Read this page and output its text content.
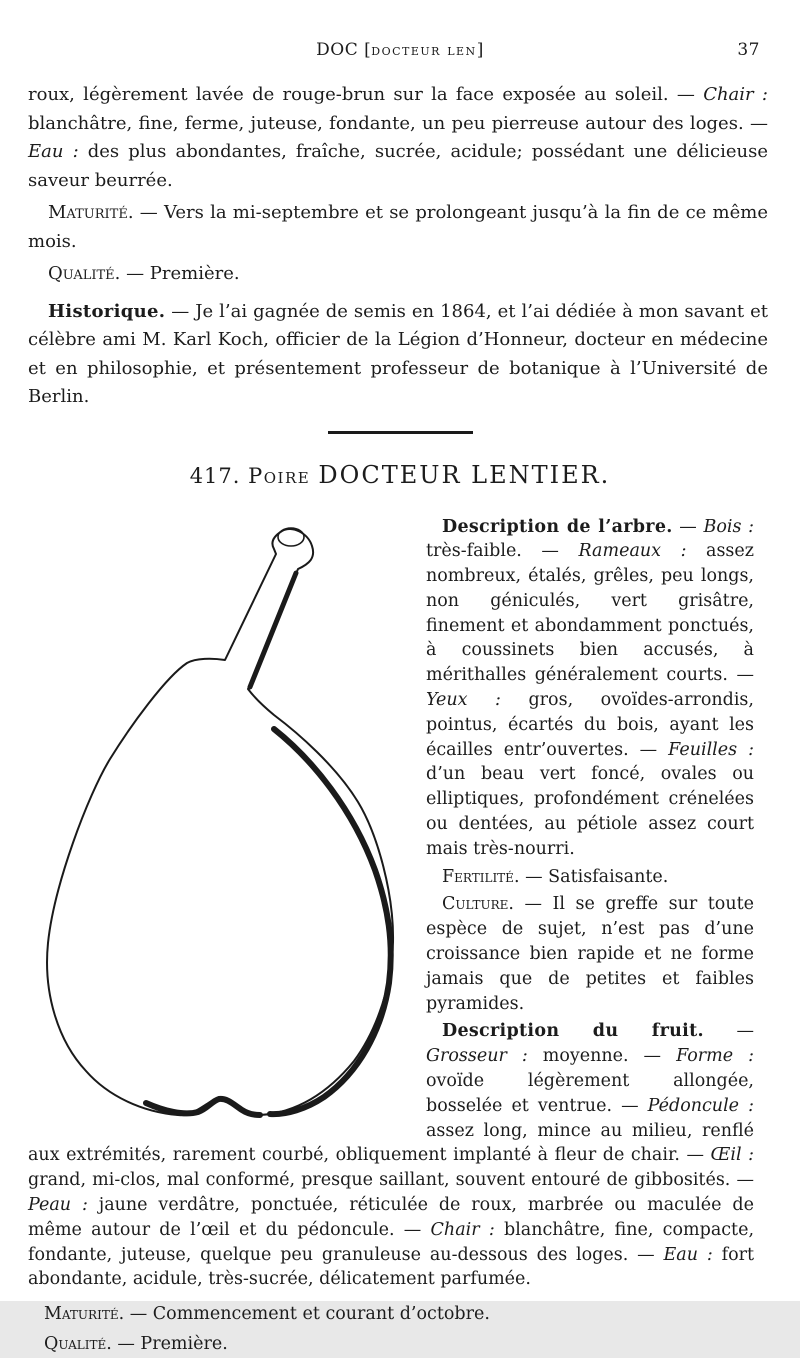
DOC [docteur len]	37

roux, légèrement lavée de rouge-brun sur la face exposée au soleil. — Chair : blanchâtre, fine, ferme, juteuse, fondante, un peu pierreuse autour des loges. — Eau : des plus abondantes, fraîche, sucrée, acidule; possédant une délicieuse saveur beurrée.

Maturité. — Vers la mi-septembre et se prolongeant jusqu’à la fin de ce même mois.

Qualité. — Première.

Historique. — Je l’ai gagnée de semis en 1864, et l’ai dédiée à mon savant et célèbre ami M. Karl Koch, officier de la Légion d’Honneur, docteur en médecine et en philosophie, et présentement professeur de botanique à l’Université de Berlin.

417. Poire DOCTEUR LENTIER.

Description de l’arbre. — Bois : très-faible. — Rameaux : assez nombreux, étalés, grêles, peu longs, non géniculés, vert grisâtre, finement et abondamment ponctués, à coussinets bien accusés, à mérithalles généralement courts. — Yeux : gros, ovoïdes-arrondis, pointus, écartés du bois, ayant les écailles entr’ouvertes. — Feuilles : d’un beau vert foncé, ovales ou elliptiques, profondément crénelées ou dentées, au pétiole assez court mais très-nourri.

Fertilité. — Satisfaisante.

Culture. — Il se greffe sur toute espèce de sujet, n’est pas d’une croissance bien rapide et ne forme jamais que de petites et faibles pyramides.

Description du fruit. — Grosseur : moyenne. — Forme : ovoïde légèrement allongée, bosselée et ventrue. — Pédoncule : assez long, mince au milieu, renflé aux extrémités, rarement courbé, obliquement implanté à fleur de chair. — Œil : grand, mi-clos, mal conformé, presque saillant, souvent entouré de gibbosités. — Peau : jaune verdâtre, ponctuée, réticulée de roux, marbrée ou maculée de même autour de l’œil et du pédoncule. — Chair : blanchâtre, fine, compacte, fondante, juteuse, quelque peu granuleuse au-dessous des loges. — Eau : fort abondante, acidule, très-sucrée, délicatement parfumée.

Maturité. — Commencement et courant d’octobre.

Qualité. — Première.
